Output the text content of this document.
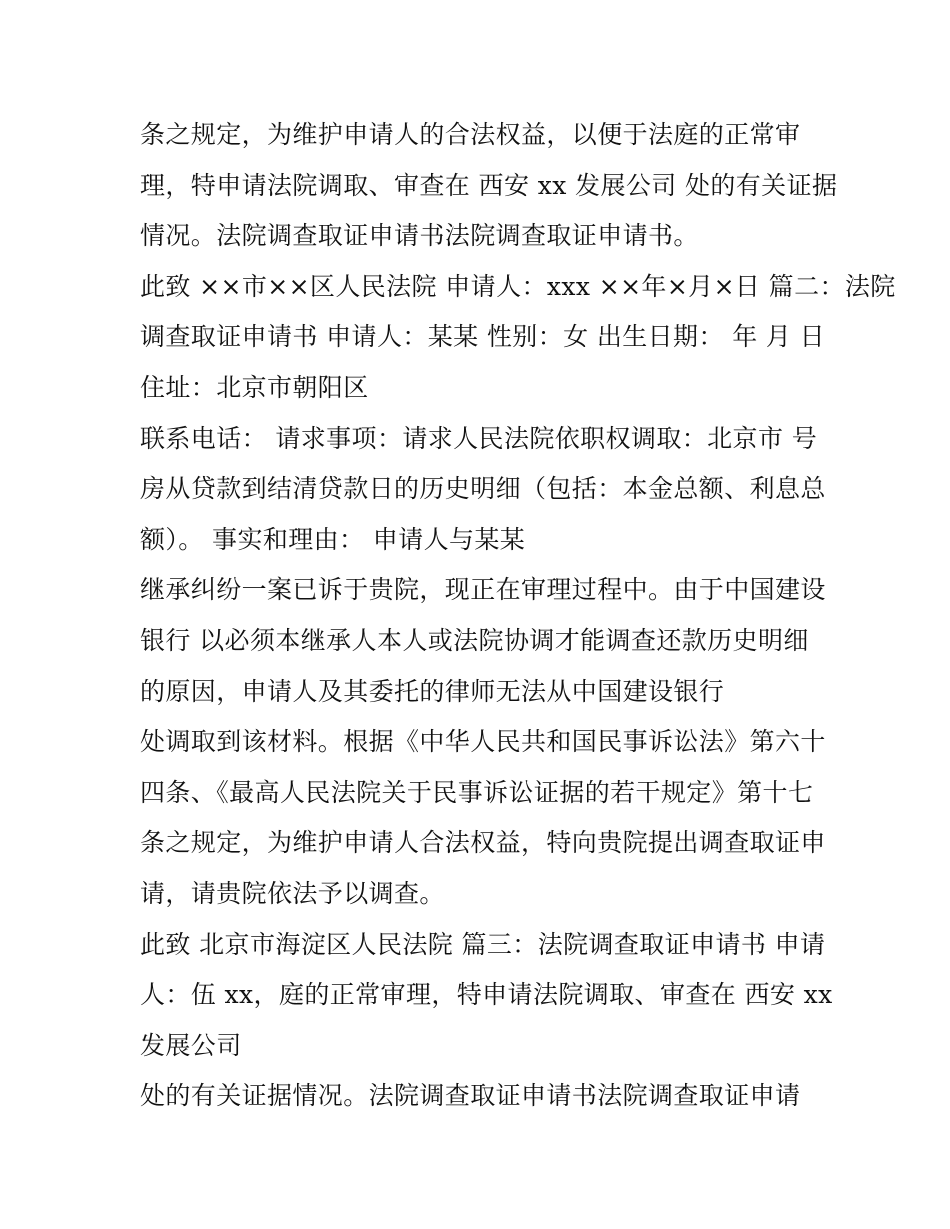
条之规定，为维护申请人的合法权益，以便于法庭的正常审
理，特申请法院调取、审查在 西安 xx 发展公司 处的有关证据
情况。法院调查取证申请书法院调查取证申请书。
此致 ××市××区人民法院 申请人：xxx ××年×月×日 篇二：法院
调查取证申请书 申请人：某某 性别：女 出生日期： 年 月 日
住址：北京市朝阳区
联系电话： 请求事项：请求人民法院依职权调取：北京市 号
房从贷款到结清贷款日的历史明细（包括：本金总额、利息总
额）。 事实和理由： 申请人与某某
继承纠纷一案已诉于贵院，现正在审理过程中。由于中国建设
银行 以必须本继承人本人或法院协调才能调查还款历史明细
的原因，申请人及其委托的律师无法从中国建设银行
处调取到该材料。根据《中华人民共和国民事诉讼法》第六十
四条、《最高人民法院关于民事诉讼证据的若干规定》第十七
条之规定，为维护申请人合法权益，特向贵院提出调查取证申
请，请贵院依法予以调查。
此致 北京市海淀区人民法院 篇三：法院调查取证申请书 申请
人：伍 xx，庭的正常审理，特申请法院调取、审查在 西安 xx
发展公司
处的有关证据情况。法院调查取证申请书法院调查取证申请
